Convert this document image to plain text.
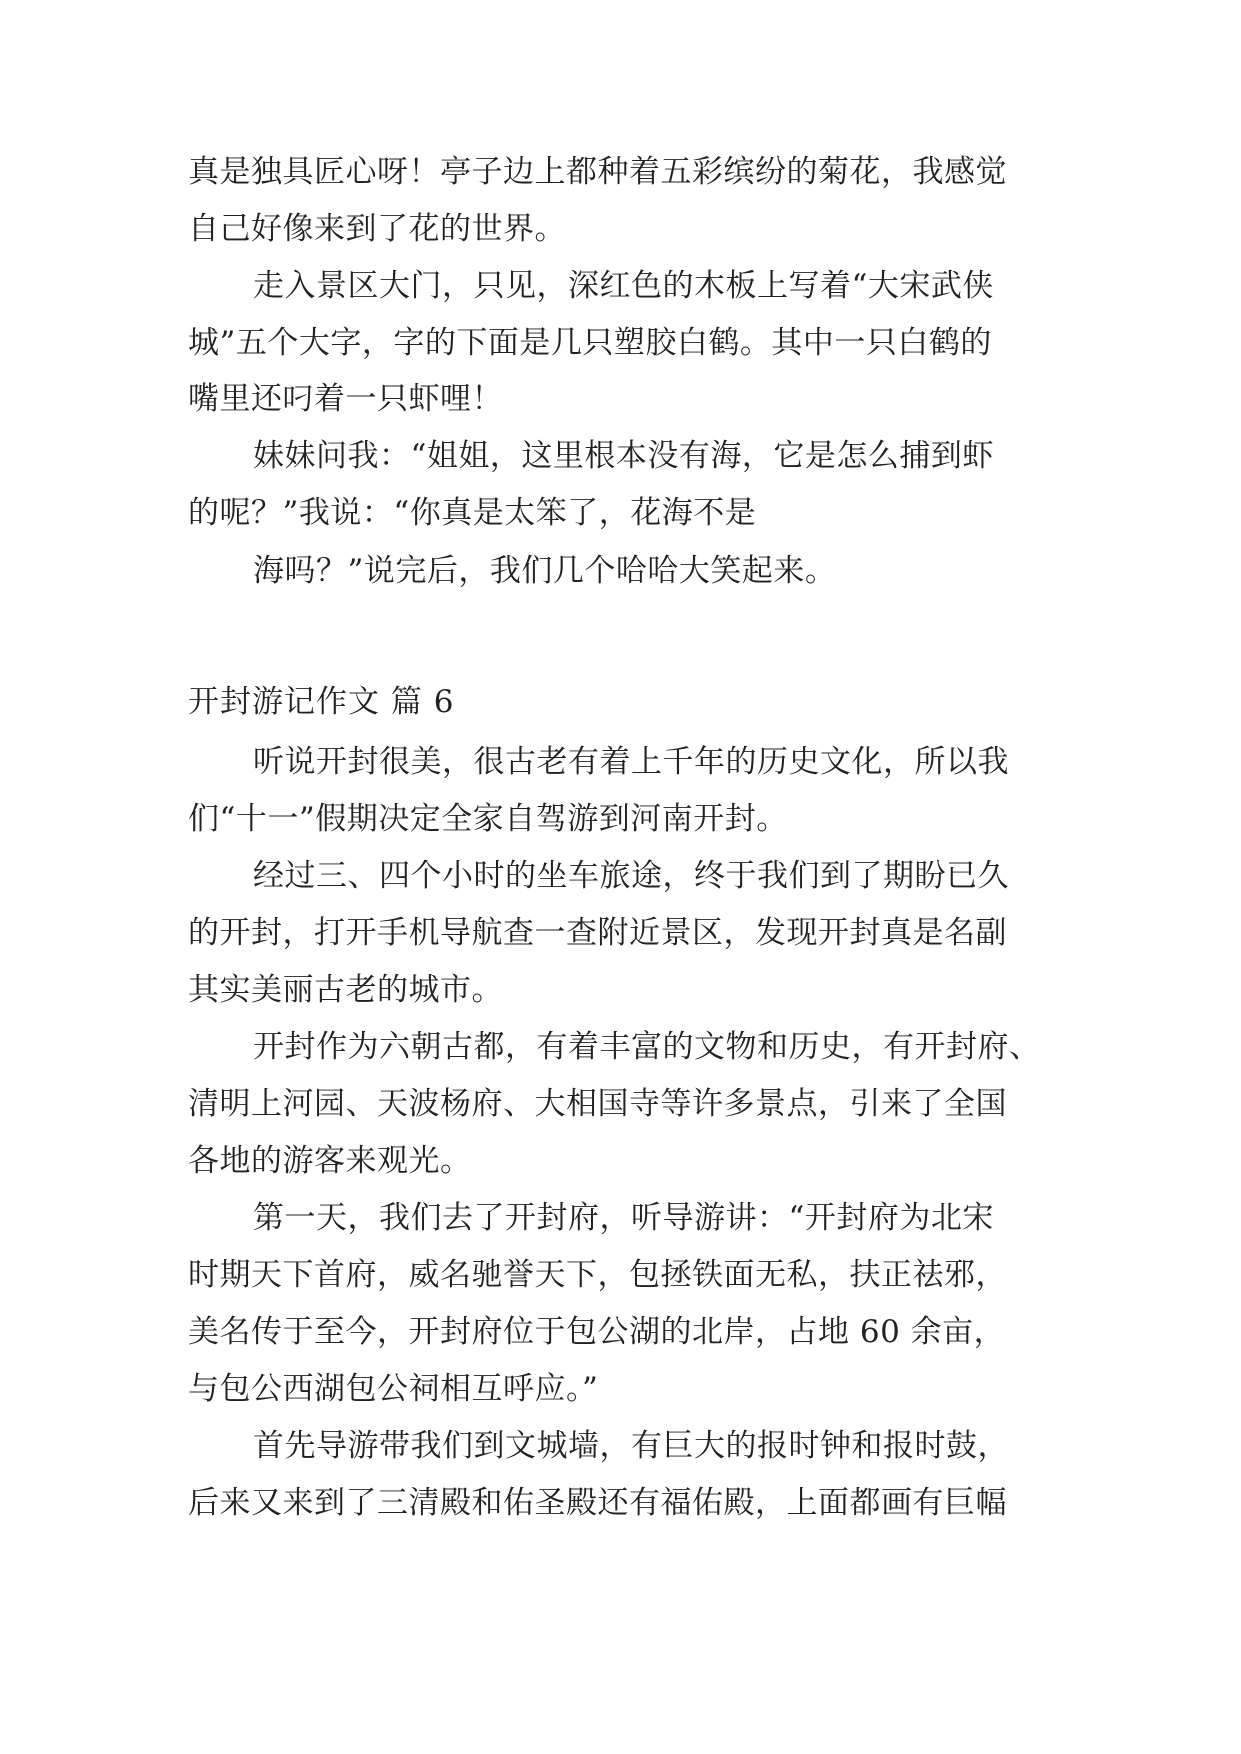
真是独具匠心呀！亭子边上都种着五彩缤纷的菊花，我感觉
自己好像来到了花的世界。
走入景区大门，只见，深红色的木板上写着“大宋武侠
城”五个大字，字的下面是几只塑胶白鹤。其中一只白鹤的
嘴里还叼着一只虾哩！
妹妹问我：“姐姐，这里根本没有海，它是怎么捕到虾
的呢？”我说：“你真是太笨了，花海不是
海吗？”说完后，我们几个哈哈大笑起来。
开封游记作文 篇 6
听说开封很美，很古老有着上千年的历史文化，所以我
们“十一”假期决定全家自驾游到河南开封。
经过三、四个小时的坐车旅途，终于我们到了期盼已久
的开封，打开手机导航查一查附近景区，发现开封真是名副
其实美丽古老的城市。
开封作为六朝古都，有着丰富的文物和历史，有开封府、
清明上河园、天波杨府、大相国寺等许多景点，引来了全国
各地的游客来观光。
第一天，我们去了开封府，听导游讲：“开封府为北宋
时期天下首府，威名驰誉天下，包拯铁面无私，扶正祛邪，
美名传于至今，开封府位于包公湖的北岸，占地 60 余亩，
与包公西湖包公祠相互呼应。”
首先导游带我们到文城墙，有巨大的报时钟和报时鼓，
后来又来到了三清殿和佑圣殿还有福佑殿，上面都画有巨幅
